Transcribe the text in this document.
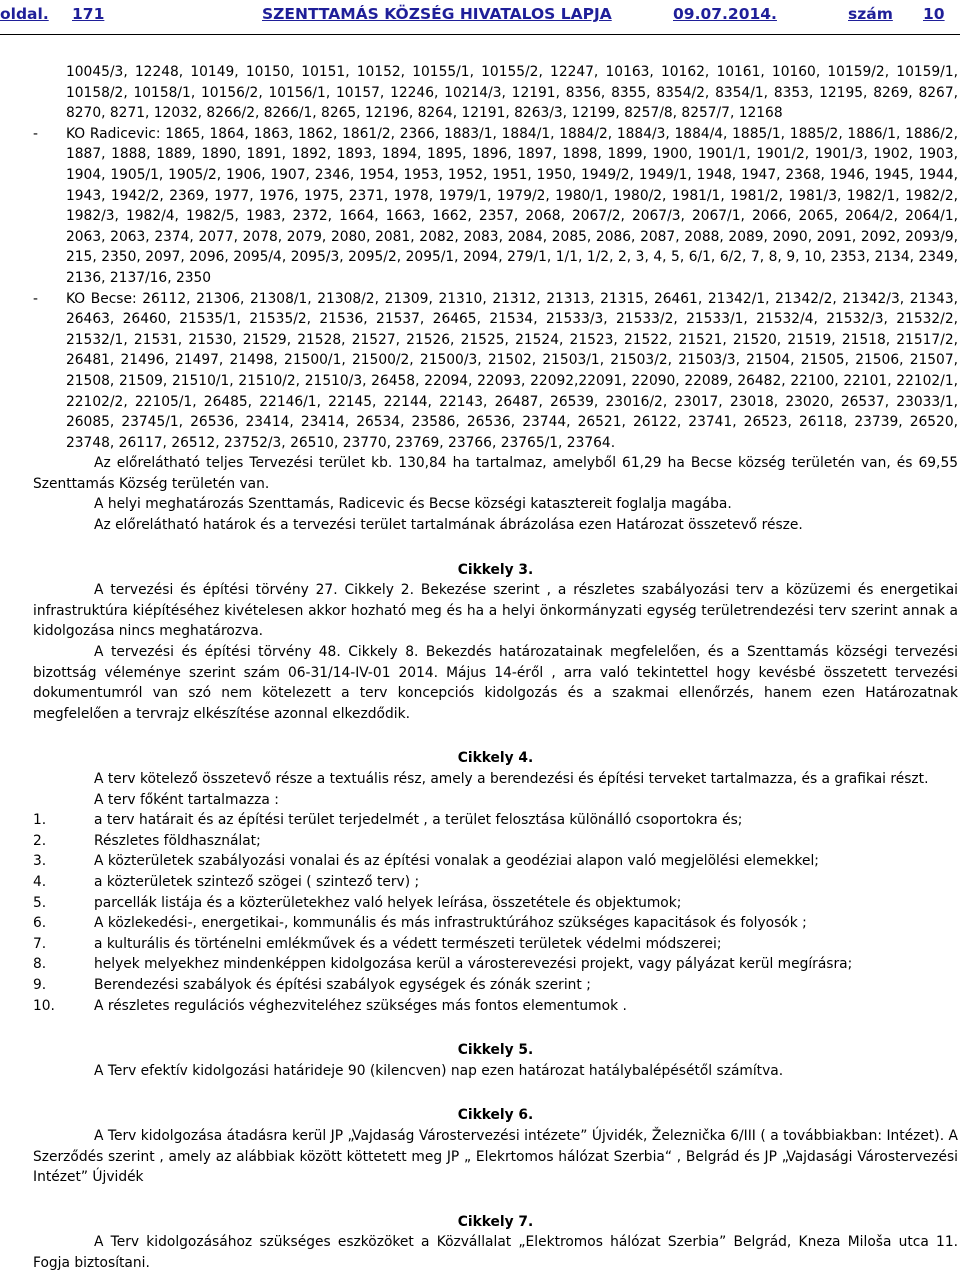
oldal. 171	SZENTTAMÁS KÖZSÉG HIVATALOS LAPJA	09.07.2014.	szám 10
10045/3, 12248, 10149, 10150, 10151, 10152, 10155/1, 10155/2, 12247, 10163, 10162, 10161, 10160, 10159/2, 10159/1, 10158/2, 10158/1, 10156/2, 10156/1, 10157, 12246, 10214/3, 12191, 8356, 8355, 8354/2, 8354/1, 8353, 12195, 8269, 8267, 8270, 8271, 12032, 8266/2, 8266/1, 8265, 12196, 8264, 12191, 8263/3, 12199, 8257/8, 8257/7, 12168
- KO Radicevic: 1865, 1864, 1863, 1862, 1861/2, 2366, 1883/1, 1884/1, 1884/2, 1884/3, 1884/4, 1885/1, 1885/2, 1886/1, 1886/2, 1887, 1888, 1889, 1890, 1891, 1892, 1893, 1894, 1895, 1896, 1897, 1898, 1899, 1900, 1901/1, 1901/2, 1901/3, 1902, 1903, 1904, 1905/1, 1905/2, 1906, 1907, 2346, 1954, 1953, 1952, 1951, 1950, 1949/2, 1949/1, 1948, 1947, 2368, 1946, 1945, 1944, 1943, 1942/2, 2369, 1977, 1976, 1975, 2371, 1978, 1979/1, 1979/2, 1980/1, 1980/2, 1981/1, 1981/2, 1981/3, 1982/1, 1982/2, 1982/3, 1982/4, 1982/5, 1983, 2372, 1664, 1663, 1662, 2357, 2068, 2067/2, 2067/3, 2067/1, 2066, 2065, 2064/2, 2064/1, 2063, 2063, 2374, 2077, 2078, 2079, 2080, 2081, 2082, 2083, 2084, 2085, 2086, 2087, 2088, 2089, 2090, 2091, 2092, 2093/9, 215, 2350, 2097, 2096, 2095/4, 2095/3, 2095/2, 2095/1, 2094, 279/1, 1/1, 1/2, 2, 3, 4, 5, 6/1, 6/2, 7, 8, 9, 10, 2353, 2134, 2349, 2136, 2137/16, 2350
- KO Becse: 26112, 21306, 21308/1, 21308/2, 21309, 21310, 21312, 21313, 21315, 26461, 21342/1, 21342/2, 21342/3, 21343, 26463, 26460, 21535/1, 21535/2, 21536, 21537, 26465, 21534, 21533/3, 21533/2, 21533/1, 21532/4, 21532/3, 21532/2, 21532/1, 21531, 21530, 21529, 21528, 21527, 21526, 21525, 21524, 21523, 21522, 21521, 21520, 21519, 21518, 21517/2, 26481, 21496, 21497, 21498, 21500/1, 21500/2, 21500/3, 21502, 21503/1, 21503/2, 21503/3, 21504, 21505, 21506, 21507, 21508, 21509, 21510/1, 21510/2, 21510/3, 26458, 22094, 22093, 22092,22091, 22090, 22089, 26482, 22100, 22101, 22102/1, 22102/2, 22105/1, 26485, 22146/1, 22145, 22144, 22143, 26487, 26539, 23016/2, 23017, 23018, 23020, 26537, 23033/1, 26085, 23745/1, 26536, 23414, 23414, 26534, 23586, 26536, 23744, 26521, 26122, 23741, 26523, 26118, 23739, 26520, 23748, 26117, 26512, 23752/3, 26510, 23770, 23769, 23766, 23765/1, 23764.

Az előrelátható teljes Tervezési terület kb. 130,84 ha tartalmaz, amelyből 61,29 ha Becse község területén van, és 69,55 Szenttamás Község területén van.

A helyi meghatározás Szenttamás, Radicevic és Becse községi katasztereit foglalja magába.

Az előrelátható határok és a tervezési terület tartalmának ábrázolása ezen Határozat összetevő része.

Cikkely 3.

A tervezési és építési törvény 27. Cikkely 2. Bekezése szerint , a részletes szabályozási terv a közüzemi és energetikai infrastruktúra kiépítéséhez kivételesen akkor hozható meg és ha a helyi önkormányzati egység területrendezési terv szerint annak a kidolgozása nincs meghatározva.

A tervezési és építési törvény 48. Cikkely 8. Bekezdés határozatainak megfelelően, és a Szenttamás községi tervezési bizottság véleménye szerint szám 06-31/14-IV-01 2014. Május 14-éről , arra való tekintettel hogy kevésbé összetett tervezési dokumentumról van szó nem kötelezett a terv koncepciós kidolgozás és a szakmai ellenőrzés, hanem ezen Határozatnak megfelelően a tervrajz elkészítése azonnal elkezdődik.

Cikkely 4.

A terv kötelező összetevő része a textuális rész, amely a berendezési és építési terveket tartalmazza, és a grafikai részt.

A terv főként tartalmazza :

1.	a terv határait és az építési terület terjedelmét , a terület felosztása különálló csoportokra és;
2.	Részletes földhasználat;
3.	A közterületek szabályozási vonalai és az építési vonalak a geodéziai alapon való megjelölési elemekkel;
4.	a közterületek szintező szögei ( szintező terv) ;
5.	parcellák listája és a közterületekhez való helyek leírása, összetétele és objektumok;
6.	A közlekedési-, energetikai-, kommunális és más infrastruktúrához szükséges kapacitások és folyosók ;
7.	a kulturális és történelni emlékművek és a védett természeti területek védelmi módszerei;
8.	helyek melyekhez mindenképpen kidolgozása kerül a városterevezési projekt, vagy pályázat kerül megírásra;
9.	Berendezési szabályok és építési szabályok egységek és zónák szerint ;
10.	A részletes regulációs véghezviteléhez szükséges más fontos elementumok .

Cikkely 5.

A Terv efektív kidolgozási határideje 90 (kilencven) nap ezen határozat hatálybalépésétől számítva.

Cikkely 6.

A Terv kidolgozása átadásra kerül JP „Vajdaság Várostervezési intézete” Újvidék, Železnička 6/III ( a továbbiakban: Intézet). A Szerződés szerint , amely az alábbiak között köttetett meg JP „ Elekrtomos hálózat Szerbia“ , Belgrád és JP „Vajdasági Várostervezési Intézet” Újvidék

Cikkely 7.

A Terv kidolgozásához szükséges eszközöket a Közvállalat „Elektromos hálózat Szerbia” Belgrád, Kneza Miloša utca 11. Fogja biztosítani.
